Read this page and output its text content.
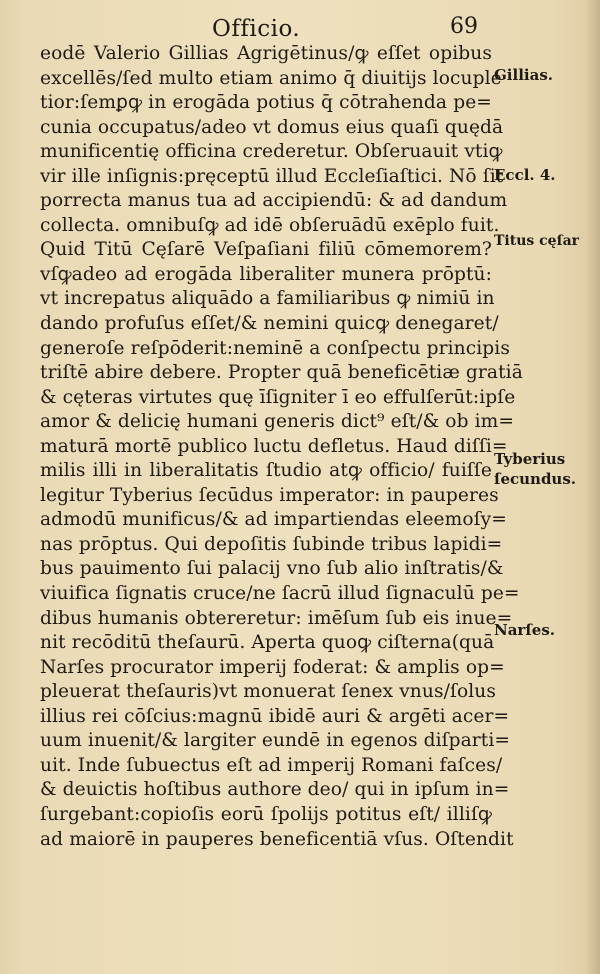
Officio.	69
eodē Valerio Gillias Agrigētinus/ꝙ eſſet opibus
excellēs/ſed multo etiam animo q̄ diuitijs locuple
tior:ſemꝑꝙ in erogāda potius q̄ cōtrahenda pe=
cunia occupatus/adeo vt domus eius quaſi quędā
munificentię officina crederetur. Obſeruauit vtiꝙ
vir ille inſignis:pręceptū illud Eccleſiaſtici. Nō ſit
porrecta manus tua ad accipiendū: & ad dandum
collecta. omnibuſꝙ ad idē obſeruādū exēplo fuit.
Quid Titū Cęſarē Veſpaſiani filiū cōmemorem?
vſꝙadeo ad erogāda liberaliter munera prōptū:
vt increpatus aliquādo a familiaribus ꝙ nimiū in
dando profuſus eſſet/& nemini quicꝙ denegaret/
generoſe reſpōderit:neminē a conſpectu principis
triſtē abire debere. Propter quā beneficētiæ gratiā
& cęteras virtutes quę īſigniter ī eo effulſerūt:ipſe
amor & delicię humani generis dict⁹ eſt/& ob im=
maturā mortē publico luctu defletus. Haud diſſi=
milis illi in liberalitatis ſtudio atꝙ officio/ fuiſſe
legitur Tyberius ſecūdus imperator: in pauperes
admodū munificus/& ad impartiendas eleemoſy=
nas prōptus. Qui depoſitis ſubinde tribus lapidi=
bus pauimento ſui palacij vno ſub alio inſtratis/&
viuifica ſignatis cruce/ne ſacrū illud ſignaculū pe=
dibus humanis obtereretur: imēſum ſub eis inue=
nit recōditū theſaurū. Aperta quoꝙ ciſterna(quā
Narſes procurator imperij foderat: & amplis op=
pleuerat theſauris)vt monuerat ſenex vnus/ſolus
illius rei cōſcius:magnū ibidē auri & argēti acer=
uum inuenit/& largiter eundē in egenos diſparti=
uit. Inde ſubuectus eſt ad imperij Romani faſces/
& deuictis hoſtibus authore deo/ qui in ipſum in=
ſurgebant:copioſis eorū ſpolijs potitus eſt/ illiſꝙ
ad maiorē in pauperes beneficentiā vſus. Oſtendit
Gillias.
Eccl. 4.
Titus cęſar
Tyberius
ſecundus.
Narſes.
